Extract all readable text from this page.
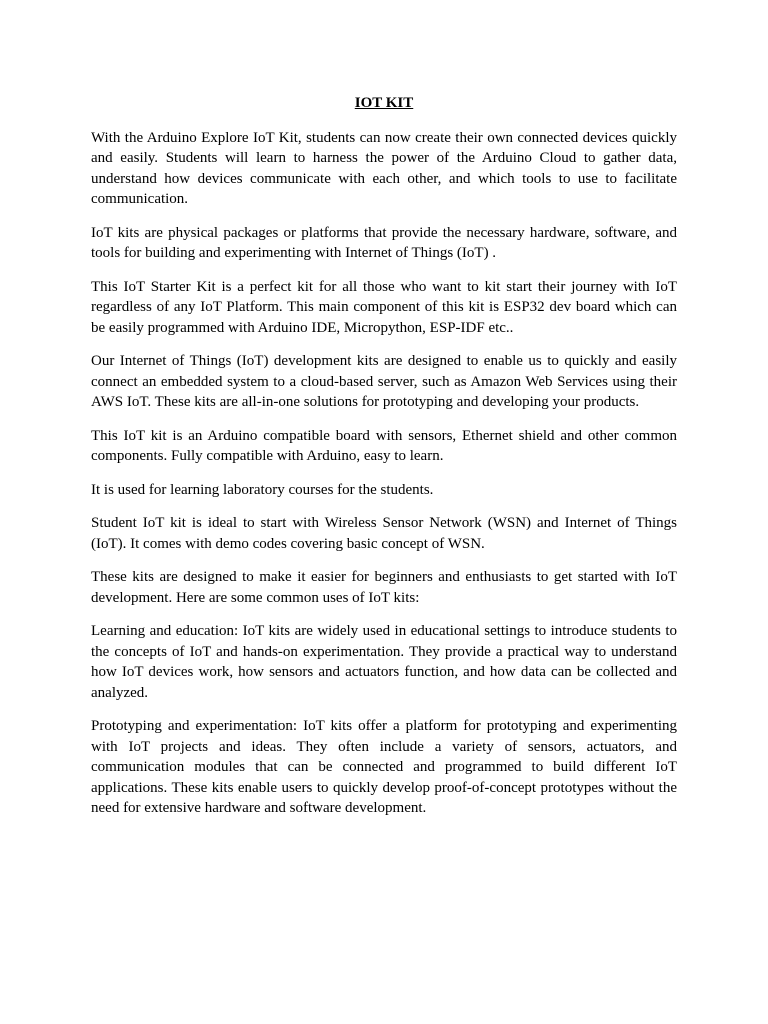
IOT KIT

With the Arduino Explore IoT Kit, students can now create their own connected devices quickly and easily. Students will learn to harness the power of the Arduino Cloud to gather data, understand how devices communicate with each other, and which tools to use to facilitate communication.

IoT kits are physical packages or platforms that provide the necessary hardware, software, and tools for building and experimenting with Internet of Things (IoT) .

This IoT Starter Kit is a perfect kit for all those who want to kit start their journey with IoT regardless of any IoT Platform. This main component of this kit is ESP32 dev board which can be easily programmed with Arduino IDE, Micropython, ESP-IDF etc..

Our Internet of Things (IoT) development kits are designed to enable us to quickly and easily connect an embedded system to a cloud-based server, such as Amazon Web Services using their AWS IoT. These kits are all-in-one solutions for prototyping and developing your products.

This IoT kit is an Arduino compatible board with sensors, Ethernet shield and other common components. Fully compatible with Arduino, easy to learn.

It is used for learning laboratory courses for the students.

Student IoT kit is ideal to start with Wireless Sensor Network (WSN) and Internet of Things (IoT). It comes with demo codes covering basic concept of WSN.

These kits are designed to make it easier for beginners and enthusiasts to get started with IoT development. Here are some common uses of IoT kits:

Learning and education: IoT kits are widely used in educational settings to introduce students to the concepts of IoT and hands-on experimentation. They provide a practical way to understand how IoT devices work, how sensors and actuators function, and how data can be collected and analyzed.

Prototyping and experimentation: IoT kits offer a platform for prototyping and experimenting with IoT projects and ideas. They often include a variety of sensors, actuators, and communication modules that can be connected and programmed to build different IoT applications. These kits enable users to quickly develop proof-of-concept prototypes without the need for extensive hardware and software development.
